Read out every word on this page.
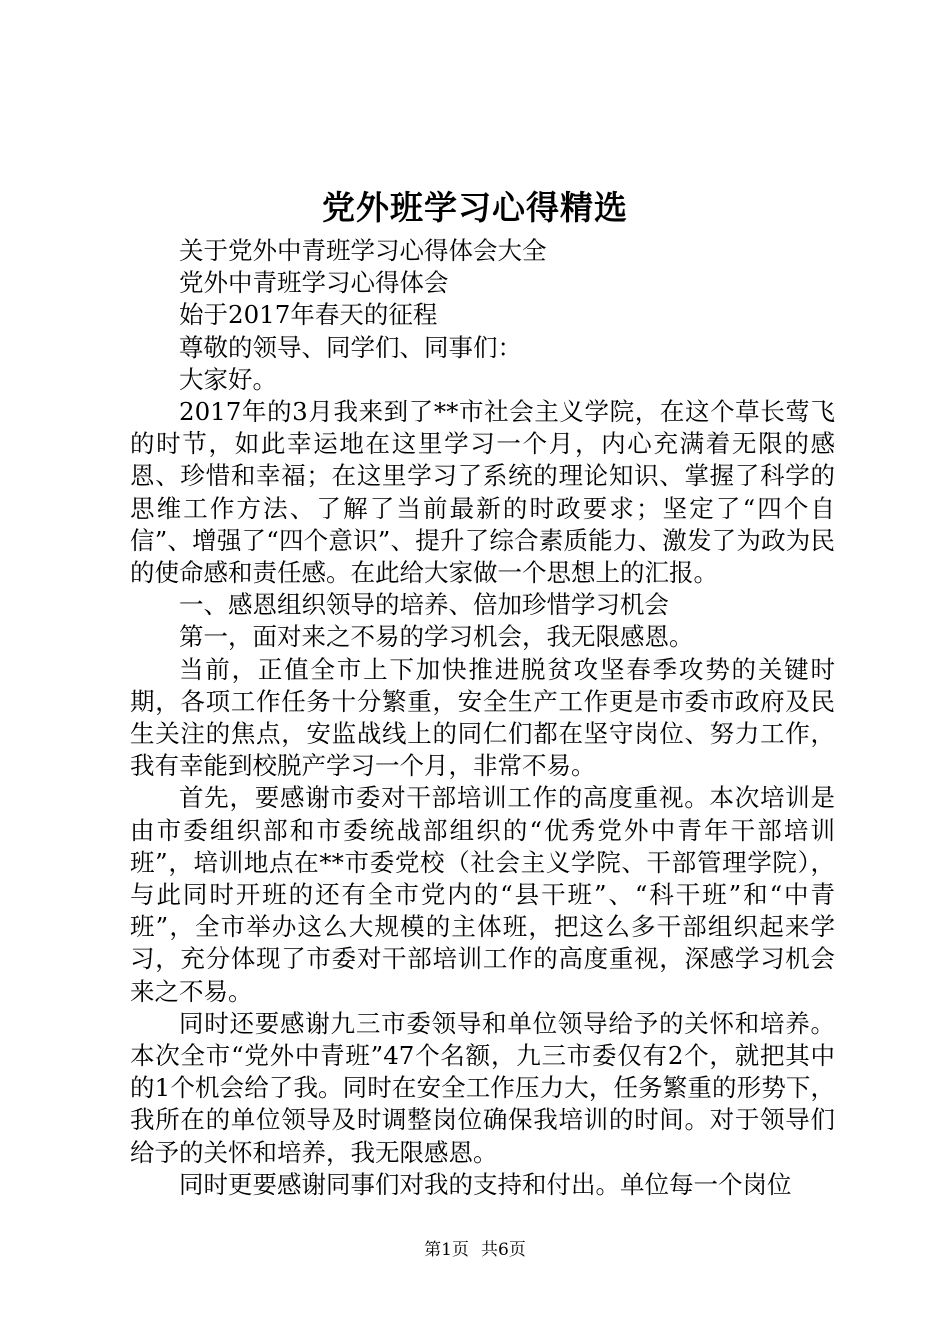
党外班学习心得精选

关于党外中青班学习心得体会大全

党外中青班学习心得体会

始于2017年春天的征程

尊敬的领导、同学们、同事们：

大家好。

2017年的3月我来到了**市社会主义学院，在这个草长莺飞的时节，如此幸运地在这里学习一个月，内心充满着无限的感恩、珍惜和幸福；在这里学习了系统的理论知识、掌握了科学的思维工作方法、了解了当前最新的时政要求；坚定了“四个自信”、增强了“四个意识”、提升了综合素质能力、激发了为政为民的使命感和责任感。在此给大家做一个思想上的汇报。

一、感恩组织领导的培养、倍加珍惜学习机会

第一，面对来之不易的学习机会，我无限感恩。

当前，正值全市上下加快推进脱贫攻坚春季攻势的关键时期，各项工作任务十分繁重，安全生产工作更是市委市政府及民生关注的焦点，安监战线上的同仁们都在坚守岗位、努力工作，我有幸能到校脱产学习一个月，非常不易。

首先，要感谢市委对干部培训工作的高度重视。本次培训是由市委组织部和市委统战部组织的“优秀党外中青年干部培训班”，培训地点在**市委党校（社会主义学院、干部管理学院），与此同时开班的还有全市党内的“县干班”、“科干班”和“中青班”，全市举办这么大规模的主体班，把这么多干部组织起来学习，充分体现了市委对干部培训工作的高度重视，深感学习机会来之不易。

同时还要感谢九三市委领导和单位领导给予的关怀和培养。本次全市“党外中青班”47个名额，九三市委仅有2个，就把其中的1个机会给了我。同时在安全工作压力大，任务繁重的形势下，我所在的单位领导及时调整岗位确保我培训的时间。对于领导们给予的关怀和培养，我无限感恩。

同时更要感谢同事们对我的支持和付出。单位每一个岗位

第1页 共6页
